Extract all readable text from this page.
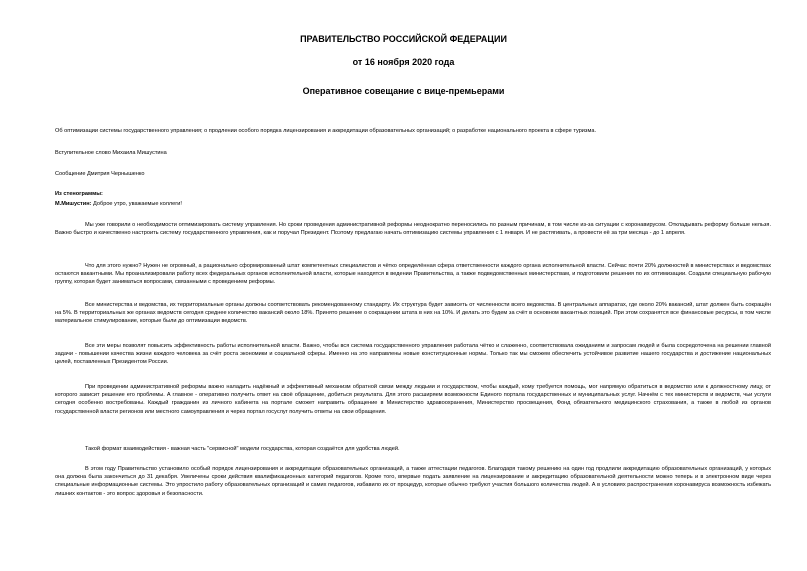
ПРАВИТЕЛЬСТВО РОССИЙСКОЙ ФЕДЕРАЦИИ

от 16 ноября 2020 года

Оперативное совещание с вице-премьерами

Об оптимизации системы государственного управления; о продлении особого порядка лицензирования и аккредитации образовательных организаций; о разработке национального проекта в сфере туризма.

Вступительное слово Михаила Мишустина

Сообщение Дмитрия Чернышенко

Из стенограммы:

М.Мишустин: Доброе утро, уважаемые коллеги!

Мы уже говорили о необходимости оптимизировать систему управления. Но сроки проведения административной реформы неоднократно переносились по разным причинам, в том числе из-за ситуации с коронавирусом. Откладывать реформу больше нельзя. Важно быстро и качественно настроить систему государственного управления, как и поручал Президент. Поэтому предлагаю начать оптимизацию системы управления с 1 января. И не растягивать, а провести её за три месяца - до 1 апреля.

Что для этого нужно? Нужен не огромный, а рационально сформированный штат компетентных специалистов и чётко определённая сфера ответственности каждого органа исполнительной власти. Сейчас почти 20% должностей в министерствах и ведомствах остаются вакантными. Мы проанализировали работу всех федеральных органов исполнительной власти, которые находятся в ведении Правительства, а также подведомственных министерствам, и подготовили решения по их оптимизации. Создали специальную рабочую группу, которая будет заниматься вопросами, связанными с проведением реформы.

Все министерства и ведомства, их территориальные органы должны соответствовать рекомендованному стандарту. Их структура будет зависеть от численности всего ведомства. В центральных аппаратах, где около 20% вакансий, штат должен быть сокращён на 5%. В территориальных же органах ведомств сегодня среднее количество вакансий около 18%. Принято решение о сокращении штата в них на 10%. И делать это будем за счёт в основном вакантных позиций. При этом сохранятся все финансовые ресурсы, в том числе материальное стимулирование, которые были до оптимизации ведомств.

Все эти меры позволят повысить эффективность работы исполнительной власти. Важно, чтобы вся система государственного управления работала чётко и слаженно, соответствовала ожиданиям и запросам людей и была сосредоточена на решении главной задачи - повышении качества жизни каждого человека за счёт роста экономики и социальной сферы. Именно на это направлены новые конституционные нормы. Только так мы сможем обеспечить устойчивое развитие нашего государства и достижение национальных целей, поставленных Президентом России.

При проведении административной реформы важно наладить надёжный и эффективный механизм обратной связи между людьми и государством, чтобы каждый, кому требуется помощь, мог напрямую обратиться в ведомство или к должностному лицу, от которого зависит решение его проблемы. А главное - оперативно получить ответ на своё обращение, добиться результата. Для этого расширяем возможности Единого портала государственных и муниципальных услуг. Начнём с тех министерств и ведомств, чьи услуги сегодня особенно востребованы. Каждый гражданин из личного кабинета на портале сможет направить обращение в Министерство здравоохранения, Министерство просвещения, Фонд обязательного медицинского страхования, а также в любой из органов государственной власти регионов или местного самоуправления и через портал госуслуг получить ответы на свои обращения.

Такой формат взаимодействия - важная часть "сервисной" модели государства, которая создаётся для удобства людей.

В этом году Правительство установило особый порядок лицензирования и аккредитации образовательных организаций, а также аттестации педагогов. Благодаря такому решению на один год продлили аккредитацию образовательных организаций, у которых она должна была закончиться до 31 декабря. Увеличены сроки действия квалификационных категорий педагогов. Кроме того, впервые подать заявление на лицензирование и аккредитацию образовательной деятельности можно теперь и в электронном виде через специальные информационные системы. Это упростило работу образовательных организаций и самих педагогов, избавило их от процедур, которые обычно требуют участия большого количества людей. А в условиях распространения коронавируса возможность избежать лишних контактов - это вопрос здоровья и безопасности.
